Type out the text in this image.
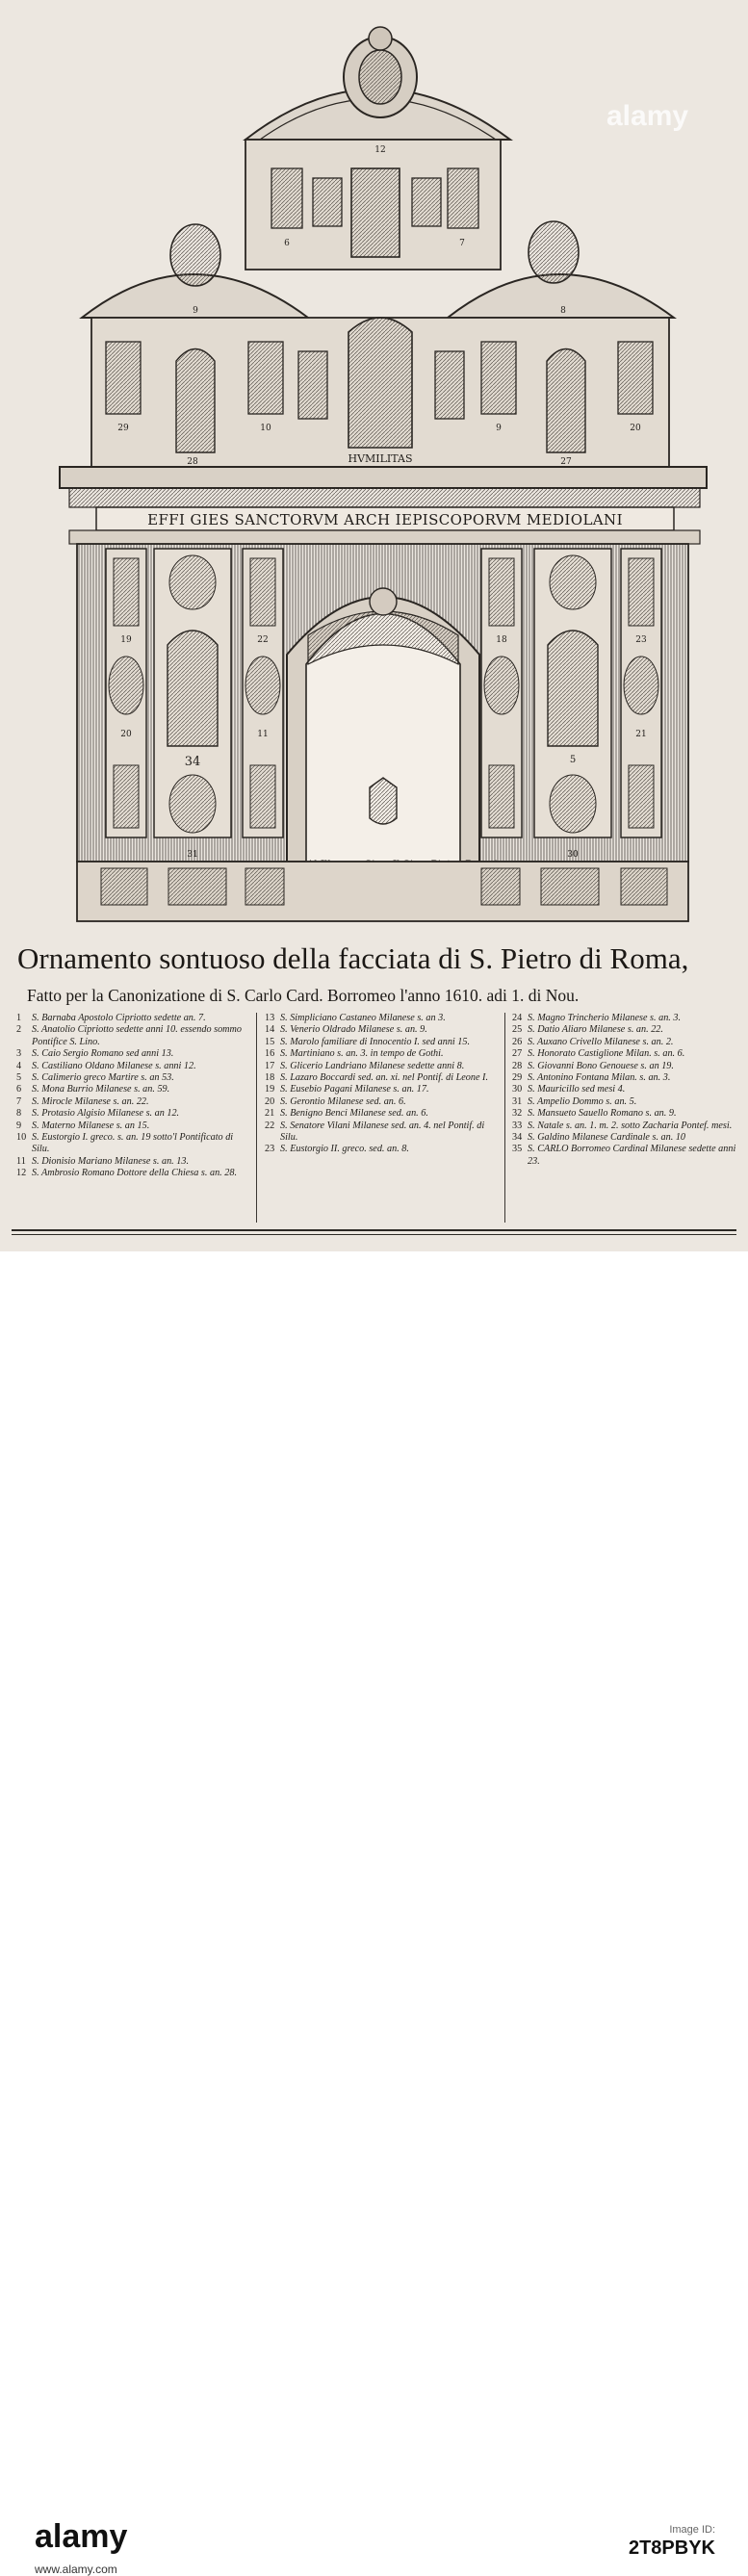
HVMILITAS
EFFI GIES SANCTORVM ARCH IEPISCOPORVM MEDIOLANI
12
6	7
9	8
29
28
10	9
27
20
19	22	18	23
20	11	21
34	5
31	30
alamy
Ornamento sontuoso della facciata di S. Pietro di Roma,
Fatto per la Canonizatione di S. Carlo Card. Borromeo l'anno 1610. adi 1. di Nou.
1	S. Barnaba Apostolo Cipriotto sedette an. 7.
2	S. Anatolio Cipriotto sedette anni 10. essendo sommo Pontifice S. Lino.
3	S. Caio Sergio Romano sed anni 13.
4	S. Castiliano Oldano Milanese s. anni 12.
5	S. Calimerio greco Martire s. an 53.
6	S. Mona Burrio Milanese s. an. 59.
7	S. Mirocle Milanese s. an. 22.
8	S. Protasio Algisio Milanese s. an 12.
9	S. Materno Milanese s. an 15.
10 S. Eustorgio I. greco. s. an. 19 sotto'l Pontificato di Silu.
11 S. Dionisio Mariano Milanese s. an. 13.
12 S. Ambrosio Romano Dottore della Chiesa s. an. 28.
13 S. Simpliciano Castaneo Milanese s. an 3.
14 S. Venerio Oldrado Milanese s. an. 9.
15 S. Marolo familiare di Innocentio I. sed anni 15.
16 S. Martiniano s. an. 3. in tempo de Gothi.
17 S. Glicerio Landriano Milanese sedette anni 8.
18 S. Lazaro Boccardi sed. an. xi. nel Pontif. di Leone I.
19 S. Eusebio Pagani Milanese s. an. 17.
20 S. Gerontio Milanese sed. an. 6.
21 S. Benigno Benci Milanese sed. an. 6.
22 S. Senatore Vilani Milanese sed. an. 4. nel Pontif. di Silu.
23 S. Eustorgio II. greco. sed. an. 8.
24 S. Magno Trincherio Milanese s. an. 3.
25 S. Datio Aliaro Milanese s. an. 22.
26 S. Auxano Crivello Milanese s. an. 2.
27 S. Honorato Castiglione Milan. s. an. 6.
28 S. Giovanni Bono Genouese s. an 19.
29 S. Antonino Fontana Milan. s. an. 3.
30 S. Mauricillo sed mesi 4.
31 S. Ampelio Dommo s. an. 5.
32 S. Mansueto Sauello Romano s. an. 9.
33 S. Natale s. an. 1. m. 2. sotto Zacharia Pontef. mesi.
34 S. Galdino Milanese Cardinale s. an. 10
35 S. CARLO Borromeo Cardinal Milanese sedette anni 23.
alamy
www.alamy.com
Image ID:
2T8PBYK
